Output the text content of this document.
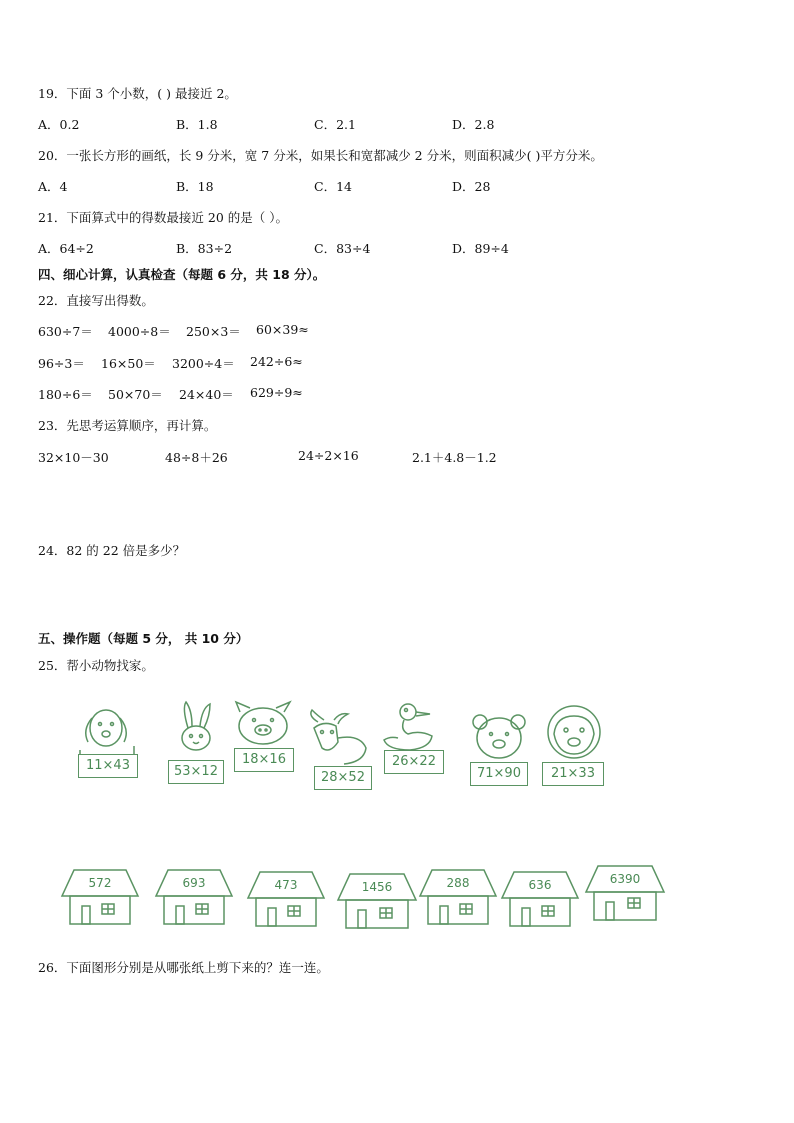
19．下面 3 个小数，( ) 最接近 2。
A．0.2	B．1.8	C．2.1	D．2.8
20．一张长方形的画纸，长 9 分米，宽 7 分米，如果长和宽都减少 2 分米，则面积减少( )平方分米。
A．4	B．18	C．14	D．28
21．下面算式中的得数最接近 20 的是（ ）。
A．64÷2	B．83÷2	C．83÷4	D．89÷4
四、细心计算，认真检查（每题 6 分，共 18 分）。
22．直接写出得数。
630÷7＝ 4000÷8＝ 250×3＝ 60×39≈
96÷3＝ 16×50＝ 3200÷4＝ 242÷6≈
180÷6＝ 50×70＝ 24×40＝ 629÷9≈
23．先思考运算顺序，再计算。
32×10－30	48÷8＋26	24÷2×16	2.1＋4.8－1.2
24．82 的 22 倍是多少？
五、操作题（每题 5 分， 共 10 分）
25．帮小动物找家。
11×43	53×12
18×16
28×52
26×22
71×90	21×33
572	693	473	1456	288	636	6390
26．下面图形分别是从哪张纸上剪下来的？连一连。
